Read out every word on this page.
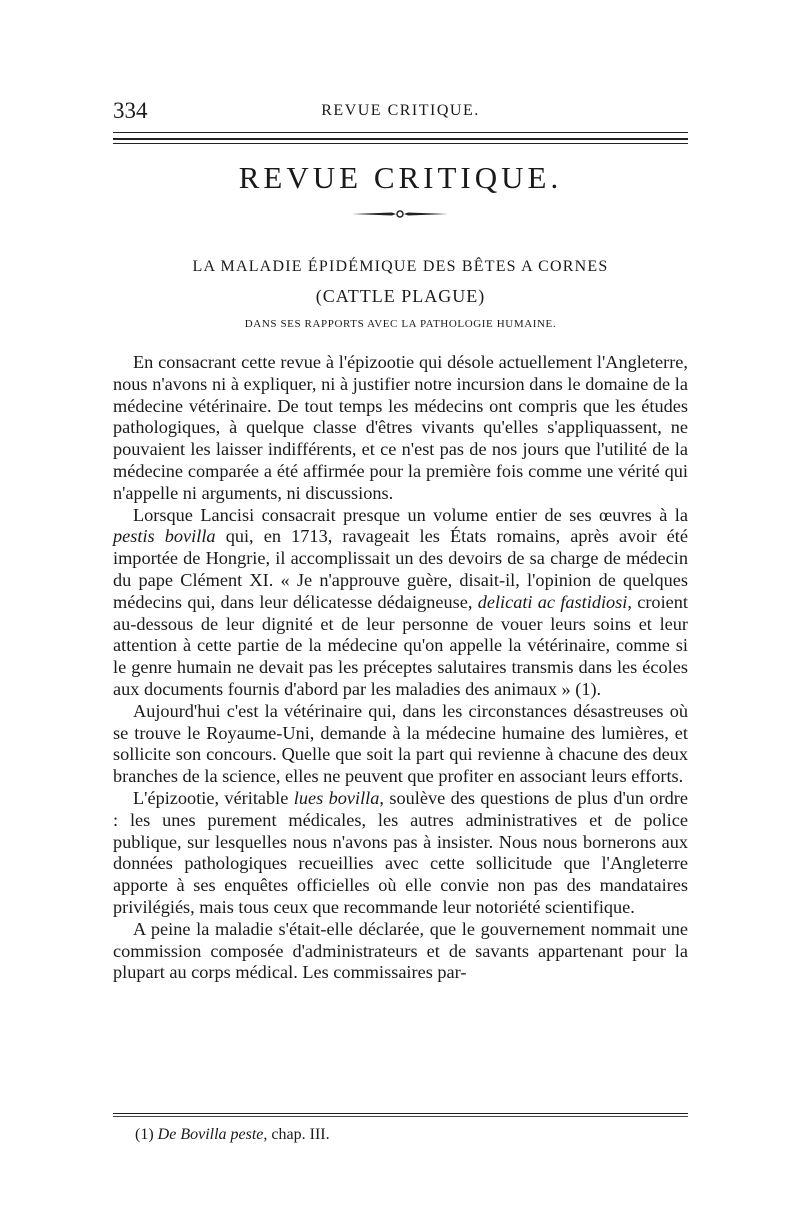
334	REVUE CRITIQUE.
REVUE CRITIQUE.
LA MALADIE ÉPIDÉMIQUE DES BÊTES A CORNES
(CATTLE PLAGUE)
DANS SES RAPPORTS AVEC LA PATHOLOGIE HUMAINE.

En consacrant cette revue à l'épizootie qui désole actuellement l'Angleterre, nous n'avons ni à expliquer, ni à justifier notre incursion dans le domaine de la médecine vétérinaire. De tout temps les médecins ont compris que les études pathologiques, à quelque classe d'êtres vivants qu'elles s'appliquassent, ne pouvaient les laisser indifférents, et ce n'est pas de nos jours que l'utilité de la médecine comparée a été affirmée pour la première fois comme une vérité qui n'appelle ni arguments, ni discussions.

Lorsque Lancisi consacrait presque un volume entier de ses œuvres à la pestis bovilla qui, en 1713, ravageait les États romains, après avoir été importée de Hongrie, il accomplissait un des devoirs de sa charge de médecin du pape Clément XI. « Je n'approuve guère, disait-il, l'opinion de quelques médecins qui, dans leur délicatesse dédaigneuse, delicati ac fastidiosi, croient au-dessous de leur dignité et de leur personne de vouer leurs soins et leur attention à cette partie de la médecine qu'on appelle la vétérinaire, comme si le genre humain ne devait pas les préceptes salutaires transmis dans les écoles aux documents fournis d'abord par les maladies des animaux » (1).

Aujourd'hui c'est la vétérinaire qui, dans les circonstances désastreuses où se trouve le Royaume-Uni, demande à la médecine humaine des lumières, et sollicite son concours. Quelle que soit la part qui revienne à chacune des deux branches de la science, elles ne peuvent que profiter en associant leurs efforts.

L'épizootie, véritable lues bovilla, soulève des questions de plus d'un ordre : les unes purement médicales, les autres administratives et de police publique, sur lesquelles nous n'avons pas à insister. Nous nous bornerons aux données pathologiques recueillies avec cette sollicitude que l'Angleterre apporte à ses enquêtes officielles où elle convie non pas des mandataires privilégiés, mais tous ceux que recommande leur notoriété scientifique.

A peine la maladie s'était-elle déclarée, que le gouvernement nommait une commission composée d'administrateurs et de savants appartenant pour la plupart au corps médical. Les commissaires par-

(1) De Bovilla peste, chap. III.
